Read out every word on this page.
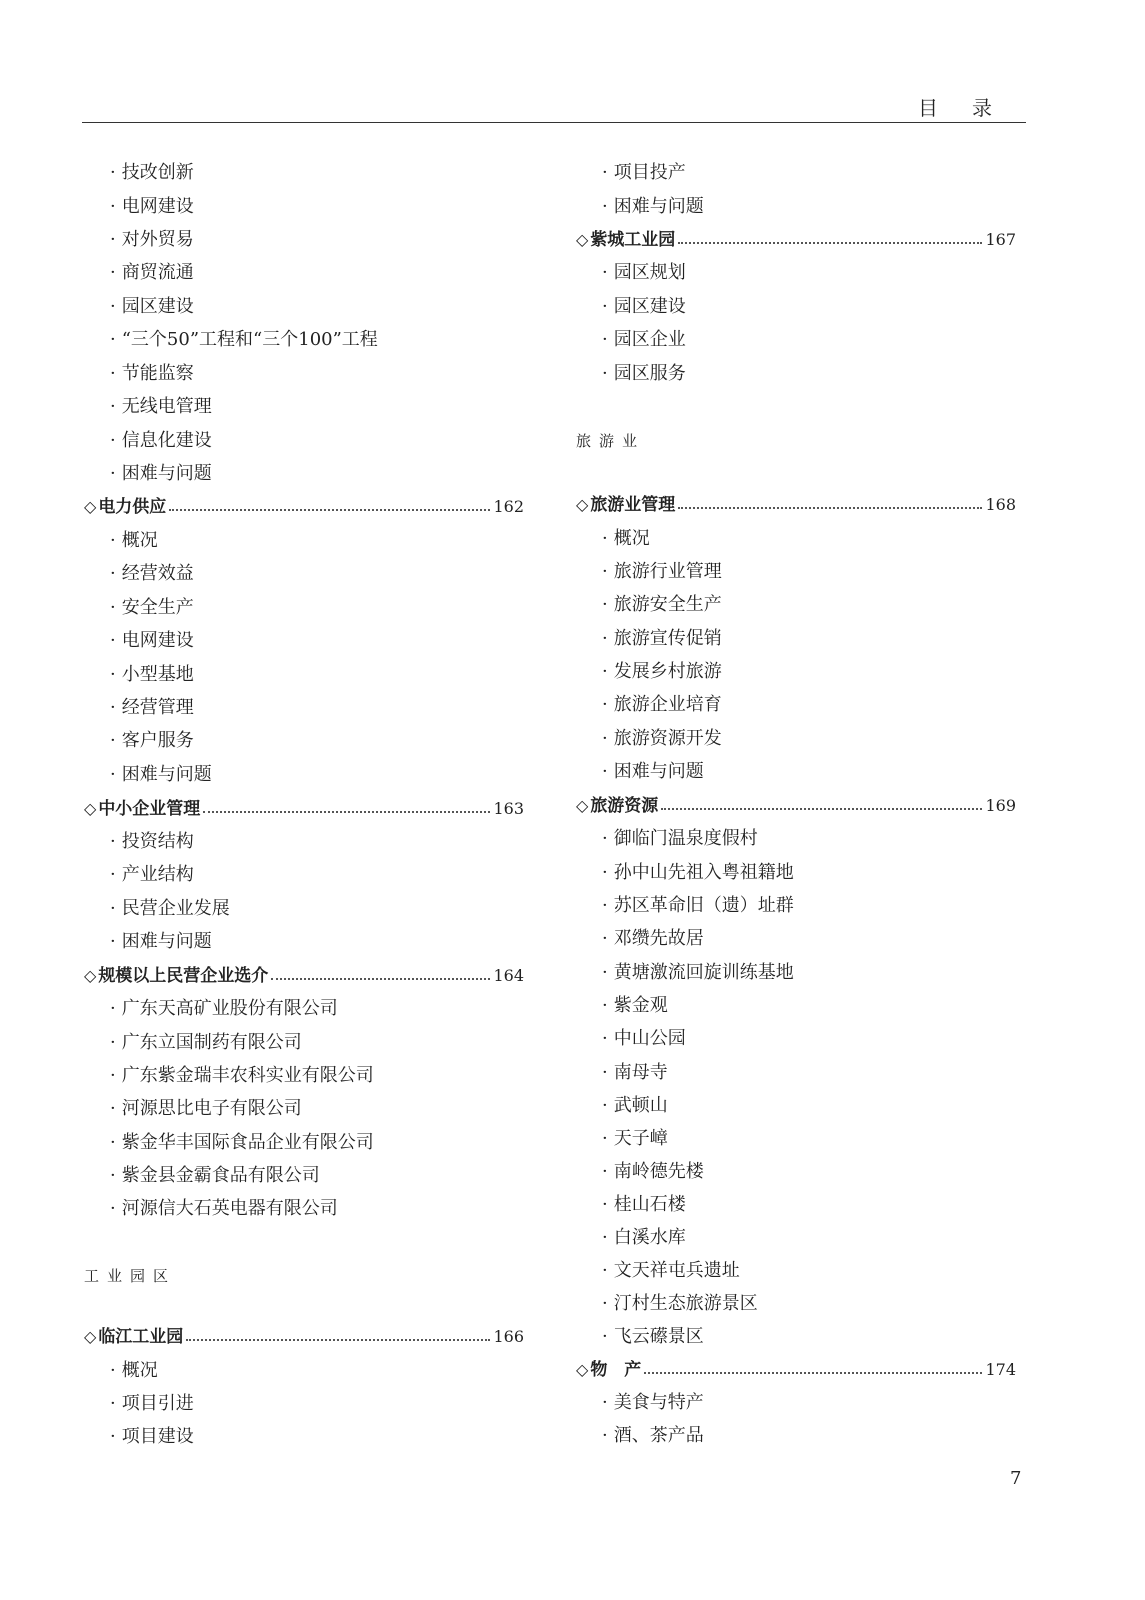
目录
· 技改创新
· 电网建设
· 对外贸易
· 商贸流通
· 园区建设
· “三个50”工程和“三个100”工程
· 节能监察
· 无线电管理
· 信息化建设
· 困难与问题
◇ 电力供应	162
· 概况
· 经营效益
· 安全生产
· 电网建设
· 小型基地
· 经营管理
· 客户服务
· 困难与问题
◇ 中小企业管理	163
· 投资结构
· 产业结构
· 民营企业发展
· 困难与问题
◇ 规模以上民营企业选介	164
· 广东天高矿业股份有限公司
· 广东立国制药有限公司
· 广东紫金瑞丰农科实业有限公司
· 河源思比电子有限公司
· 紫金华丰国际食品企业有限公司
· 紫金县金霸食品有限公司
· 河源信大石英电器有限公司
工业园区
◇ 临江工业园	166
· 概况
· 项目引进
· 项目建设
· 项目投产
· 困难与问题
◇ 紫城工业园	167
· 园区规划
· 园区建设
· 园区企业
· 园区服务
旅游业
◇ 旅游业管理	168
· 概况
· 旅游行业管理
· 旅游安全生产
· 旅游宣传促销
· 发展乡村旅游
· 旅游企业培育
· 旅游资源开发
· 困难与问题
◇ 旅游资源	169
· 御临门温泉度假村
· 孙中山先祖入粤祖籍地
· 苏区革命旧（遗）址群
· 邓缵先故居
· 黄塘激流回旋训练基地
· 紫金观
· 中山公园
· 南母寺
· 武顿山
· 天子嶂
· 南岭德先楼
· 桂山石楼
· 白溪水库
· 文天祥屯兵遗址
· 汀村生态旅游景区
· 飞云礤景区
◇ 物　产	174
· 美食与特产
· 酒、茶产品
7
